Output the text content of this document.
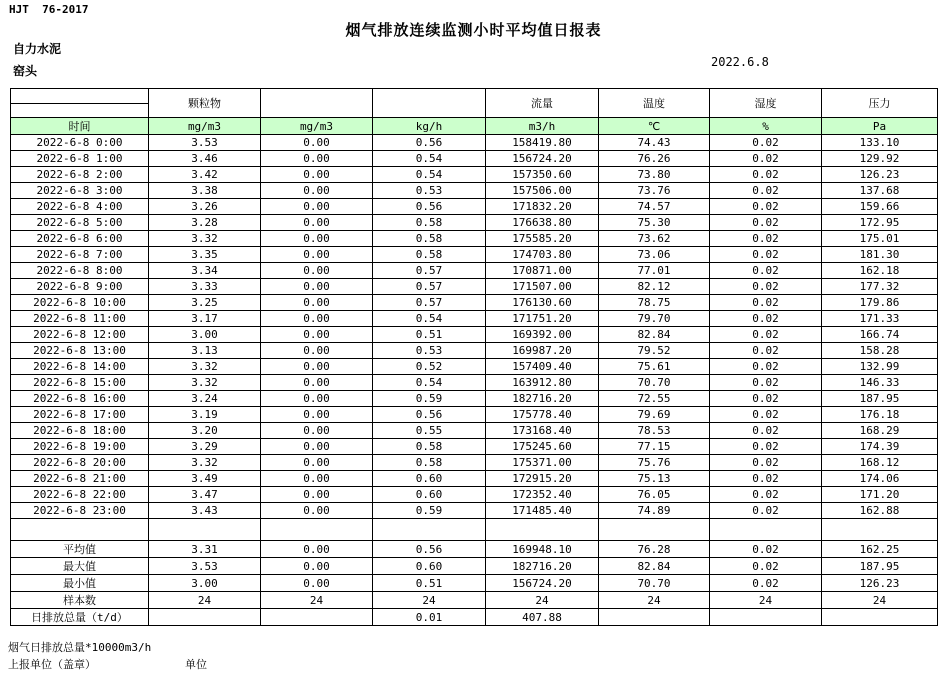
HJT  76-2017
烟气排放连续监测小时平均值日报表
自力水泥
窑头
2022.6.8
	颗粒物			流量	温度	湿度	压力
时间	mg/m3	mg/m3	kg/h	m3/h	℃	%	Pa
2022-6-8 0:00	3.53	0.00	0.56	158419.80	74.43	0.02	133.10
2022-6-8 1:00	3.46	0.00	0.54	156724.20	76.26	0.02	129.92
2022-6-8 2:00	3.42	0.00	0.54	157350.60	73.80	0.02	126.23
2022-6-8 3:00	3.38	0.00	0.53	157506.00	73.76	0.02	137.68
2022-6-8 4:00	3.26	0.00	0.56	171832.20	74.57	0.02	159.66
2022-6-8 5:00	3.28	0.00	0.58	176638.80	75.30	0.02	172.95
2022-6-8 6:00	3.32	0.00	0.58	175585.20	73.62	0.02	175.01
2022-6-8 7:00	3.35	0.00	0.58	174703.80	73.06	0.02	181.30
2022-6-8 8:00	3.34	0.00	0.57	170871.00	77.01	0.02	162.18
2022-6-8 9:00	3.33	0.00	0.57	171507.00	82.12	0.02	177.32
2022-6-8 10:00	3.25	0.00	0.57	176130.60	78.75	0.02	179.86
2022-6-8 11:00	3.17	0.00	0.54	171751.20	79.70	0.02	171.33
2022-6-8 12:00	3.00	0.00	0.51	169392.00	82.84	0.02	166.74
2022-6-8 13:00	3.13	0.00	0.53	169987.20	79.52	0.02	158.28
2022-6-8 14:00	3.32	0.00	0.52	157409.40	75.61	0.02	132.99
2022-6-8 15:00	3.32	0.00	0.54	163912.80	70.70	0.02	146.33
2022-6-8 16:00	3.24	0.00	0.59	182716.20	72.55	0.02	187.95
2022-6-8 17:00	3.19	0.00	0.56	175778.40	79.69	0.02	176.18
2022-6-8 18:00	3.20	0.00	0.55	173168.40	78.53	0.02	168.29
2022-6-8 19:00	3.29	0.00	0.58	175245.60	77.15	0.02	174.39
2022-6-8 20:00	3.32	0.00	0.58	175371.00	75.76	0.02	168.12
2022-6-8 21:00	3.49	0.00	0.60	172915.20	75.13	0.02	174.06
2022-6-8 22:00	3.47	0.00	0.60	172352.40	76.05	0.02	171.20
2022-6-8 23:00	3.43	0.00	0.59	171485.40	74.89	0.02	162.88

平均值	3.31	0.00	0.56	169948.10	76.28	0.02	162.25
最大值	3.53	0.00	0.60	182716.20	82.84	0.02	187.95
最小值	3.00	0.00	0.51	156724.20	70.70	0.02	126.23
样本数	24	24	24	24	24	24	24
日排放总量（t/d）			0.01	407.88			
烟气日排放总量*10000m3/h
上报单位（盖章）	单位
